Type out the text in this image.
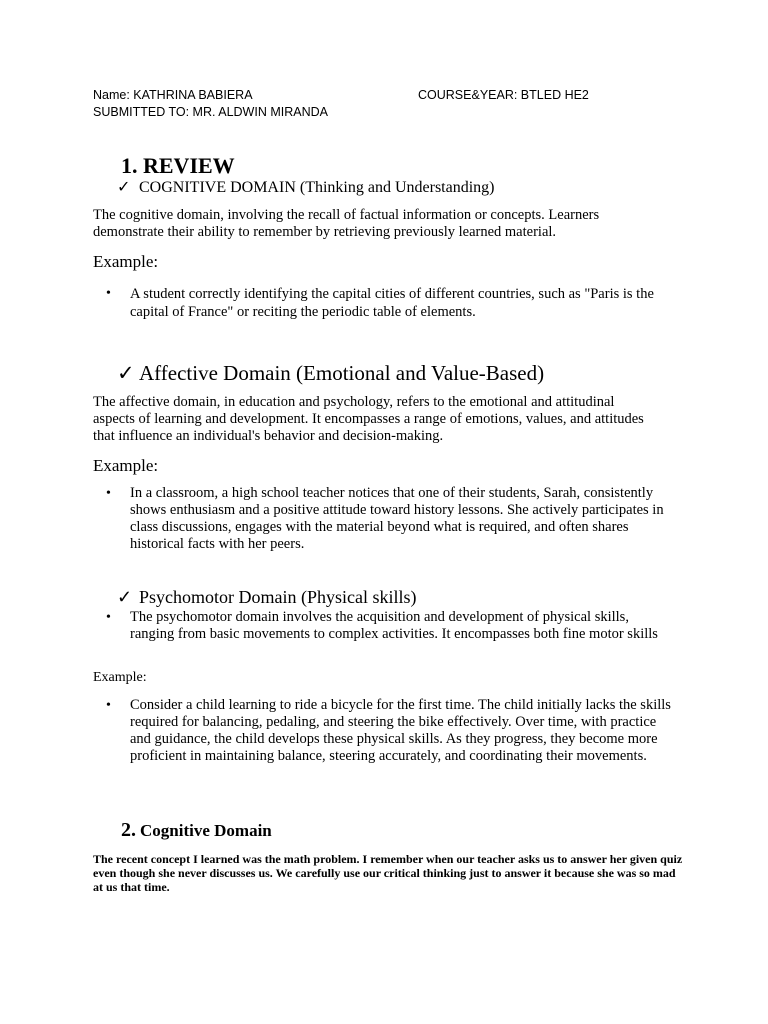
Name: KATHRINA BABIERA	COURSE&YEAR: BTLED HE2

SUBMITTED TO: MR. ALDWIN MIRANDA

1. REVIEW
✓ COGNITIVE DOMAIN (Thinking and Understanding)

The cognitive domain, involving the recall of factual information or concepts. Learners demonstrate their ability to remember by retrieving previously learned material.

Example:

• A student correctly identifying the capital cities of different countries, such as "Paris is the capital of France" or reciting the periodic table of elements.

✓ Affective Domain (Emotional and Value-Based)

The affective domain, in education and psychology, refers to the emotional and attitudinal aspects of learning and development. It encompasses a range of emotions, values, and attitudes that influence an individual's behavior and decision-making.

Example:

• In a classroom, a high school teacher notices that one of their students, Sarah, consistently shows enthusiasm and a positive attitude toward history lessons. She actively participates in class discussions, engages with the material beyond what is required, and often shares historical facts with her peers.

✓ Psychomotor Domain (Physical skills)
• The psychomotor domain involves the acquisition and development of physical skills, ranging from basic movements to complex activities. It encompasses both fine motor skills

Example:

• Consider a child learning to ride a bicycle for the first time. The child initially lacks the skills required for balancing, pedaling, and steering the bike effectively. Over time, with practice and guidance, the child develops these physical skills. As they progress, they become more proficient in maintaining balance, steering accurately, and coordinating their movements.

2. Cognitive Domain

The recent concept I learned was the math problem. I remember when our teacher asks us to answer her given quiz even though she never discusses us. We carefully use our critical thinking just to answer it because she was so mad at us that time.
